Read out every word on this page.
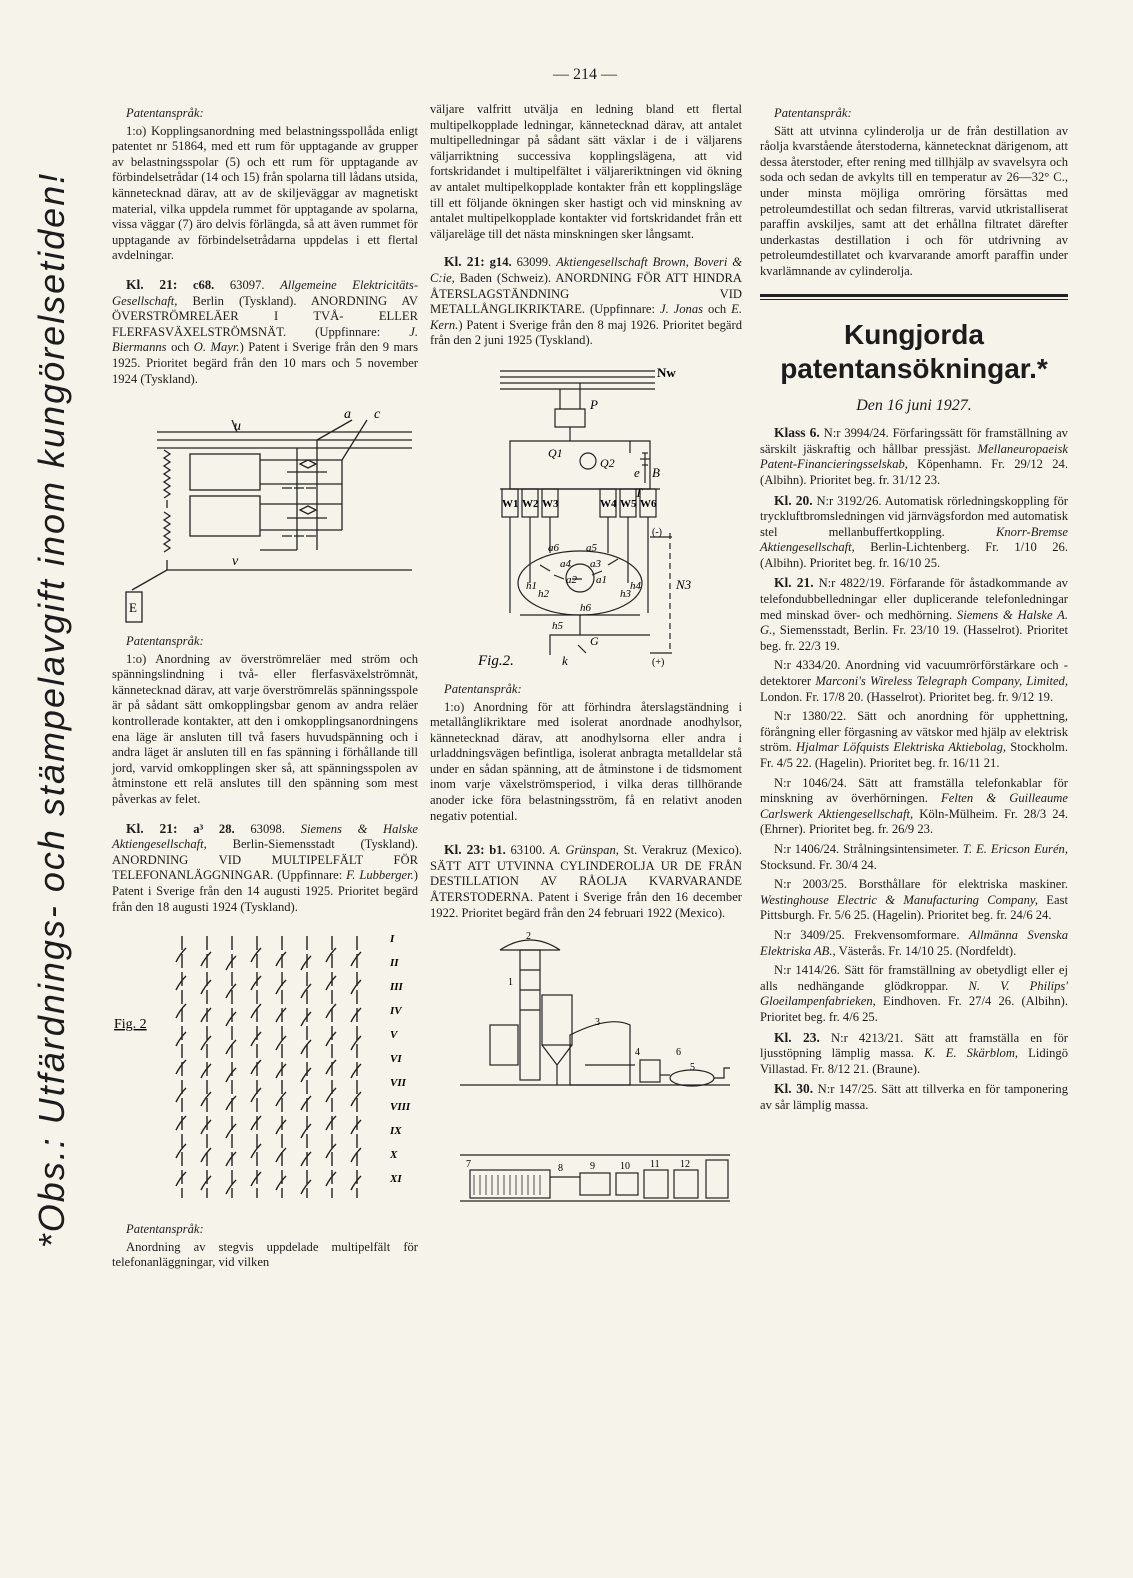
— 214 —
*Obs.: Utfärdnings- och stämpelavgift inom kungörelsetiden!
Patentanspråk:

1:o) Kopplingsanordning med belastningsspollåda enligt patentet nr 51864, med ett rum för upptagande av grupper av belastningsspolar (5) och ett rum för upptagande av förbindelsetrådar (14 och 15) från spolarna till lådans utsida, kännetecknad därav, att av de skiljeväggar av magnetiskt material, vilka uppdela rummet för upptagande av spolarna, vissa väggar (7) äro delvis förlängda, så att även rummet för upptagande av förbindelsetrådarna uppdelas i ett flertal avdelningar.

Kl. 21: c68. 63097. Allgemeine Elektricitäts-Gesellschaft, Berlin (Tyskland). ANORDNING AV ÖVERSTRÖMRELÄER I TVÅ- ELLER FLERFASVÄXELSTRÖMSNÄT. (Uppfinnare: J. Biermanns och O. Mayr.) Patent i Sverige från den 9 mars 1925. Prioritet begärd från den 10 mars och 5 november 1924 (Tyskland).

u
a c
v
E
Patentanspråk:

1:o) Anordning av överströmreläer med ström och spänningslindning i två- eller flerfasväxelströmnät, kännetecknad därav, att varje överströmreläs spänningsspole är på sådant sätt omkopplingsbar genom av andra reläer kontrollerade kontakter, att den i omkopplingsanordningens ena läge är ansluten till två fasers huvudspänning och i andra läget är ansluten till en fas spänning i förhållande till jord, varvid omkopplingen sker så, att spänningsspolen av åtminstone ett relä anslutes till den spänning som mest påverkas av felet.

Kl. 21: a³ 28. 63098. Siemens & Halske Aktiengesellschaft, Berlin-Siemensstadt (Tyskland). ANORDNING VID MULTIPELFÄLT FÖR TELEFONANLÄGGNINGAR. (Uppfinnare: F. Lubberger.) Patent i Sverige från den 14 augusti 1925. Prioritet begärd från den 18 augusti 1924 (Tyskland).

Fig. 2
I
II
III
IV
V
VI
VII
VIII
IX
X
XI
Patentanspråk:

Anordning av stegvis uppdelade multipelfält för telefonanläggningar, vid vilken

väljare valfritt utvälja en ledning bland ett flertal multipelkopplade ledningar, kännetecknad därav, att antalet multipelledningar på sådant sätt växlar i de i väljarens väljarriktning successiva kopplingslägena, att vid fortskridandet i multipelfältet i väljareriktningen vid ökning av antalet multipelkopplade kontakter från ett kopplingsläge till ett följande ökningen sker hastigt och vid minskning av antalet multipelkopplade kontakter vid fortskridandet från ett väljareläge till det nästa minskningen sker långsamt.

Kl. 21: g14. 63099. Aktiengesellschaft Brown, Boveri & C:ie, Baden (Schweiz). ANORDNING FÖR ATT HINDRA ÅTERSLAGSTÄNDNING VID METALLÅNGLIKRIKTARE. (Uppfinnare: J. Jonas och E. Kern.) Patent i Sverige från den 8 maj 1926. Prioritet begärd från den 2 juni 1925 (Tyskland).

Nw
P
Q1
Q2
e B
T
W1 W2 W3	W4 W5 W6
a6 a5
a4 a3
a2 a1
h1
h2	h3
h4
h5
h6
N3
G
k
(-)
(+)
Fig.2.
Patentanspråk:

1:o) Anordning för att förhindra återslagständning i metallånglikriktare med isolerat anordnade anodhylsor, kännetecknad därav, att anodhylsorna eller andra i urladdningsvägen befintliga, isolerat anbragta metalldelar stå under en sådan spänning, att de åtminstone i de tidsmoment inom varje växelströmsperiod, i vilka deras tillhörande anoder icke föra belastningsström, få en relativt anoden negativ potential.

Kl. 23: b1. 63100. A. Grünspan, St. Verakruz (Mexico). SÄTT ATT UTVINNA CYLINDEROLJA UR DE FRÅN DESTILLATION AV RÅOLJA KVARVARANDE ÅTERSTODERNA. Patent i Sverige från den 16 december 1922. Prioritet begärd från den 24 februari 1922 (Mexico).

2
1
3
4
5
6
7	8	9	10 11 12
Patentanspråk:

Sätt att utvinna cylinderolja ur de från destillation av råolja kvarstående återstoderna, kännetecknat därigenom, att dessa återstoder, efter rening med tillhjälp av svavelsyra och soda och sedan de avkylts till en temperatur av 26—32° C., under minsta möjliga omröring försättas med petroleumdestillat och sedan filtreras, varvid utkristalliserat paraffin avskiljes, samt att det erhållna filtratet därefter underkastas destillation i och för utdrivning av petroleumdestillatet och kvarvarande amorft paraffin under kvarlämnande av cylinderolja.

Kungjorda patentansökningar.*
Den 16 juni 1927.

Klass 6. N:r 3994/24. Förfaringssätt för framställning av särskilt jäskraftig och hållbar pressjäst. Mellaneuropaeisk Patent-Financieringsselskab, Köpenhamn. Fr. 29/12 24. (Albihn). Prioritet beg. fr. 31/12 23.

Kl. 20. N:r 3192/26. Automatisk rörledningskoppling för tryckluftbromsledningen vid järnvägsfordon med automatisk stel mellanbuffertkoppling.	Knorr-Bremse Aktiengesellschaft, Berlin-Lichtenberg. Fr. 1/10 26. (Albihn). Prioritet beg. fr. 16/10 25.

Kl. 21. N:r 4822/19. Förfarande för åstadkommande av telefondubbelledningar eller duplicerande telefonledningar med minskad över- och medhörning. Siemens & Halske A. G., Siemensstadt, Berlin. Fr. 23/10 19. (Hasselrot). Prioritet beg. fr. 22/3 19.

N:r 4334/20. Anordning vid vacuumrörförstärkare och -detektorer Marconi's Wireless Telegraph Company, Limited, London. Fr. 17/8 20. (Hasselrot). Prioritet beg. fr. 9/12 19.

N:r 1380/22. Sätt och anordning för upphettning, förångning eller förgasning av vätskor med hjälp av elektrisk ström. Hjalmar Löfquists Elektriska Aktiebolag, Stockholm. Fr. 4/5 22. (Hagelin). Prioritet beg. fr. 16/11 21.

N:r 1046/24. Sätt att framställa telefonkablar för minskning av överhörningen. Felten & Guilleaume Carlswerk Aktiengesellschaft, Köln-Mülheim. Fr. 28/3 24. (Ehrner). Prioritet beg. fr. 26/9 23.

N:r 1406/24. Strålningsintensimeter. T. E. Ericson Eurén, Stocksund. Fr. 30/4 24.

N:r 2003/25. Borsthållare för elektriska maskiner. Westinghouse Electric & Manufacturing Company, East Pittsburgh. Fr. 5/6 25. (Hagelin). Prioritet beg. fr. 24/6 24.

N:r 3409/25. Frekvensomformare. Allmänna Svenska Elektriska AB., Västerås. Fr. 14/10 25. (Nordfeldt).

N:r 1414/26. Sätt för framställning av obetydligt eller ej alls nedhängande glödkroppar. N. V. Philips' Gloeilampenfabrieken, Eindhoven. Fr. 27/4 26. (Albihn). Prioritet beg. fr. 4/6 25.

Kl. 23. N:r 4213/21. Sätt att framställa en för ljusstöpning lämplig massa. K. E. Skärblom, Lidingö Villastad. Fr. 8/12 21. (Braune).

Kl. 30. N:r 147/25. Sätt att tillverka en för tamponering av sår lämplig massa.
